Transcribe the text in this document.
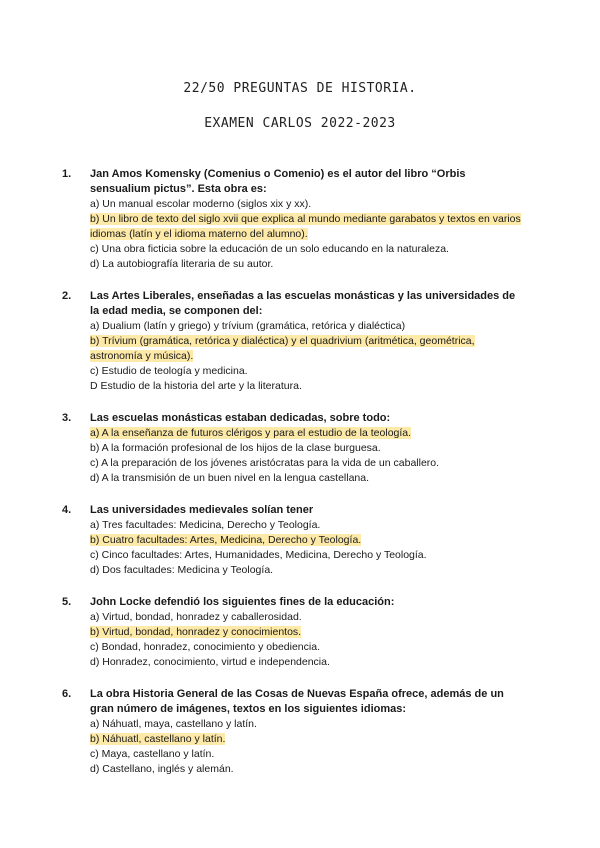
22/50 PREGUNTAS DE HISTORIA.
EXAMEN CARLOS 2022-2023
1. Jan Amos Komensky (Comenius o Comenio) es el autor del libro “Orbis sensualium pictus”. Esta obra es:

a) Un manual escolar moderno (siglos xix y xx).

b) Un libro de texto del siglo xvii que explica al mundo mediante garabatos y textos en varios idiomas (latín y el idioma materno del alumno).

c) Una obra ficticia sobre la educación de un solo educando en la naturaleza.

d) La autobiografía literaria de su autor.

2. Las Artes Liberales, enseñadas a las escuelas monásticas y las universidades de la edad media, se componen del:

a) Dualium (latín y griego) y trívium (gramática, retórica y dialéctica)

b) Trívium (gramática, retórica y dialéctica) y el quadrivium (aritmética, geométrica, astronomía y música).

c) Estudio de teología y medicina.

D Estudio de la historia del arte y la literatura.

3. Las escuelas monásticas estaban dedicadas, sobre todo:

a) A la enseñanza de futuros clérigos y para el estudio de la teología.

b) A la formación profesional de los hijos de la clase burguesa.

c) A la preparación de los jóvenes aristócratas para la vida de un caballero.

d) A la transmisión de un buen nivel en la lengua castellana.

4. Las universidades medievales solían tener

a) Tres facultades: Medicina, Derecho y Teología.

b) Cuatro facultades: Artes, Medicina, Derecho y Teología.

c) Cinco facultades: Artes, Humanidades, Medicina, Derecho y Teología.

d) Dos facultades: Medicina y Teología.

5. John Locke defendió los siguientes fines de la educación:

a) Virtud, bondad, honradez y caballerosidad.

b) Virtud, bondad, honradez y conocimientos.

c) Bondad, honradez, conocimiento y obediencia.

d) Honradez, conocimiento, virtud e independencia.

6. La obra Historia General de las Cosas de Nuevas España ofrece, además de un gran número de imágenes, textos en los siguientes idiomas:

a) Náhuatl, maya, castellano y latín.

b) Náhuatl, castellano y latín.

c) Maya, castellano y latín.

d) Castellano, inglés y alemán.
